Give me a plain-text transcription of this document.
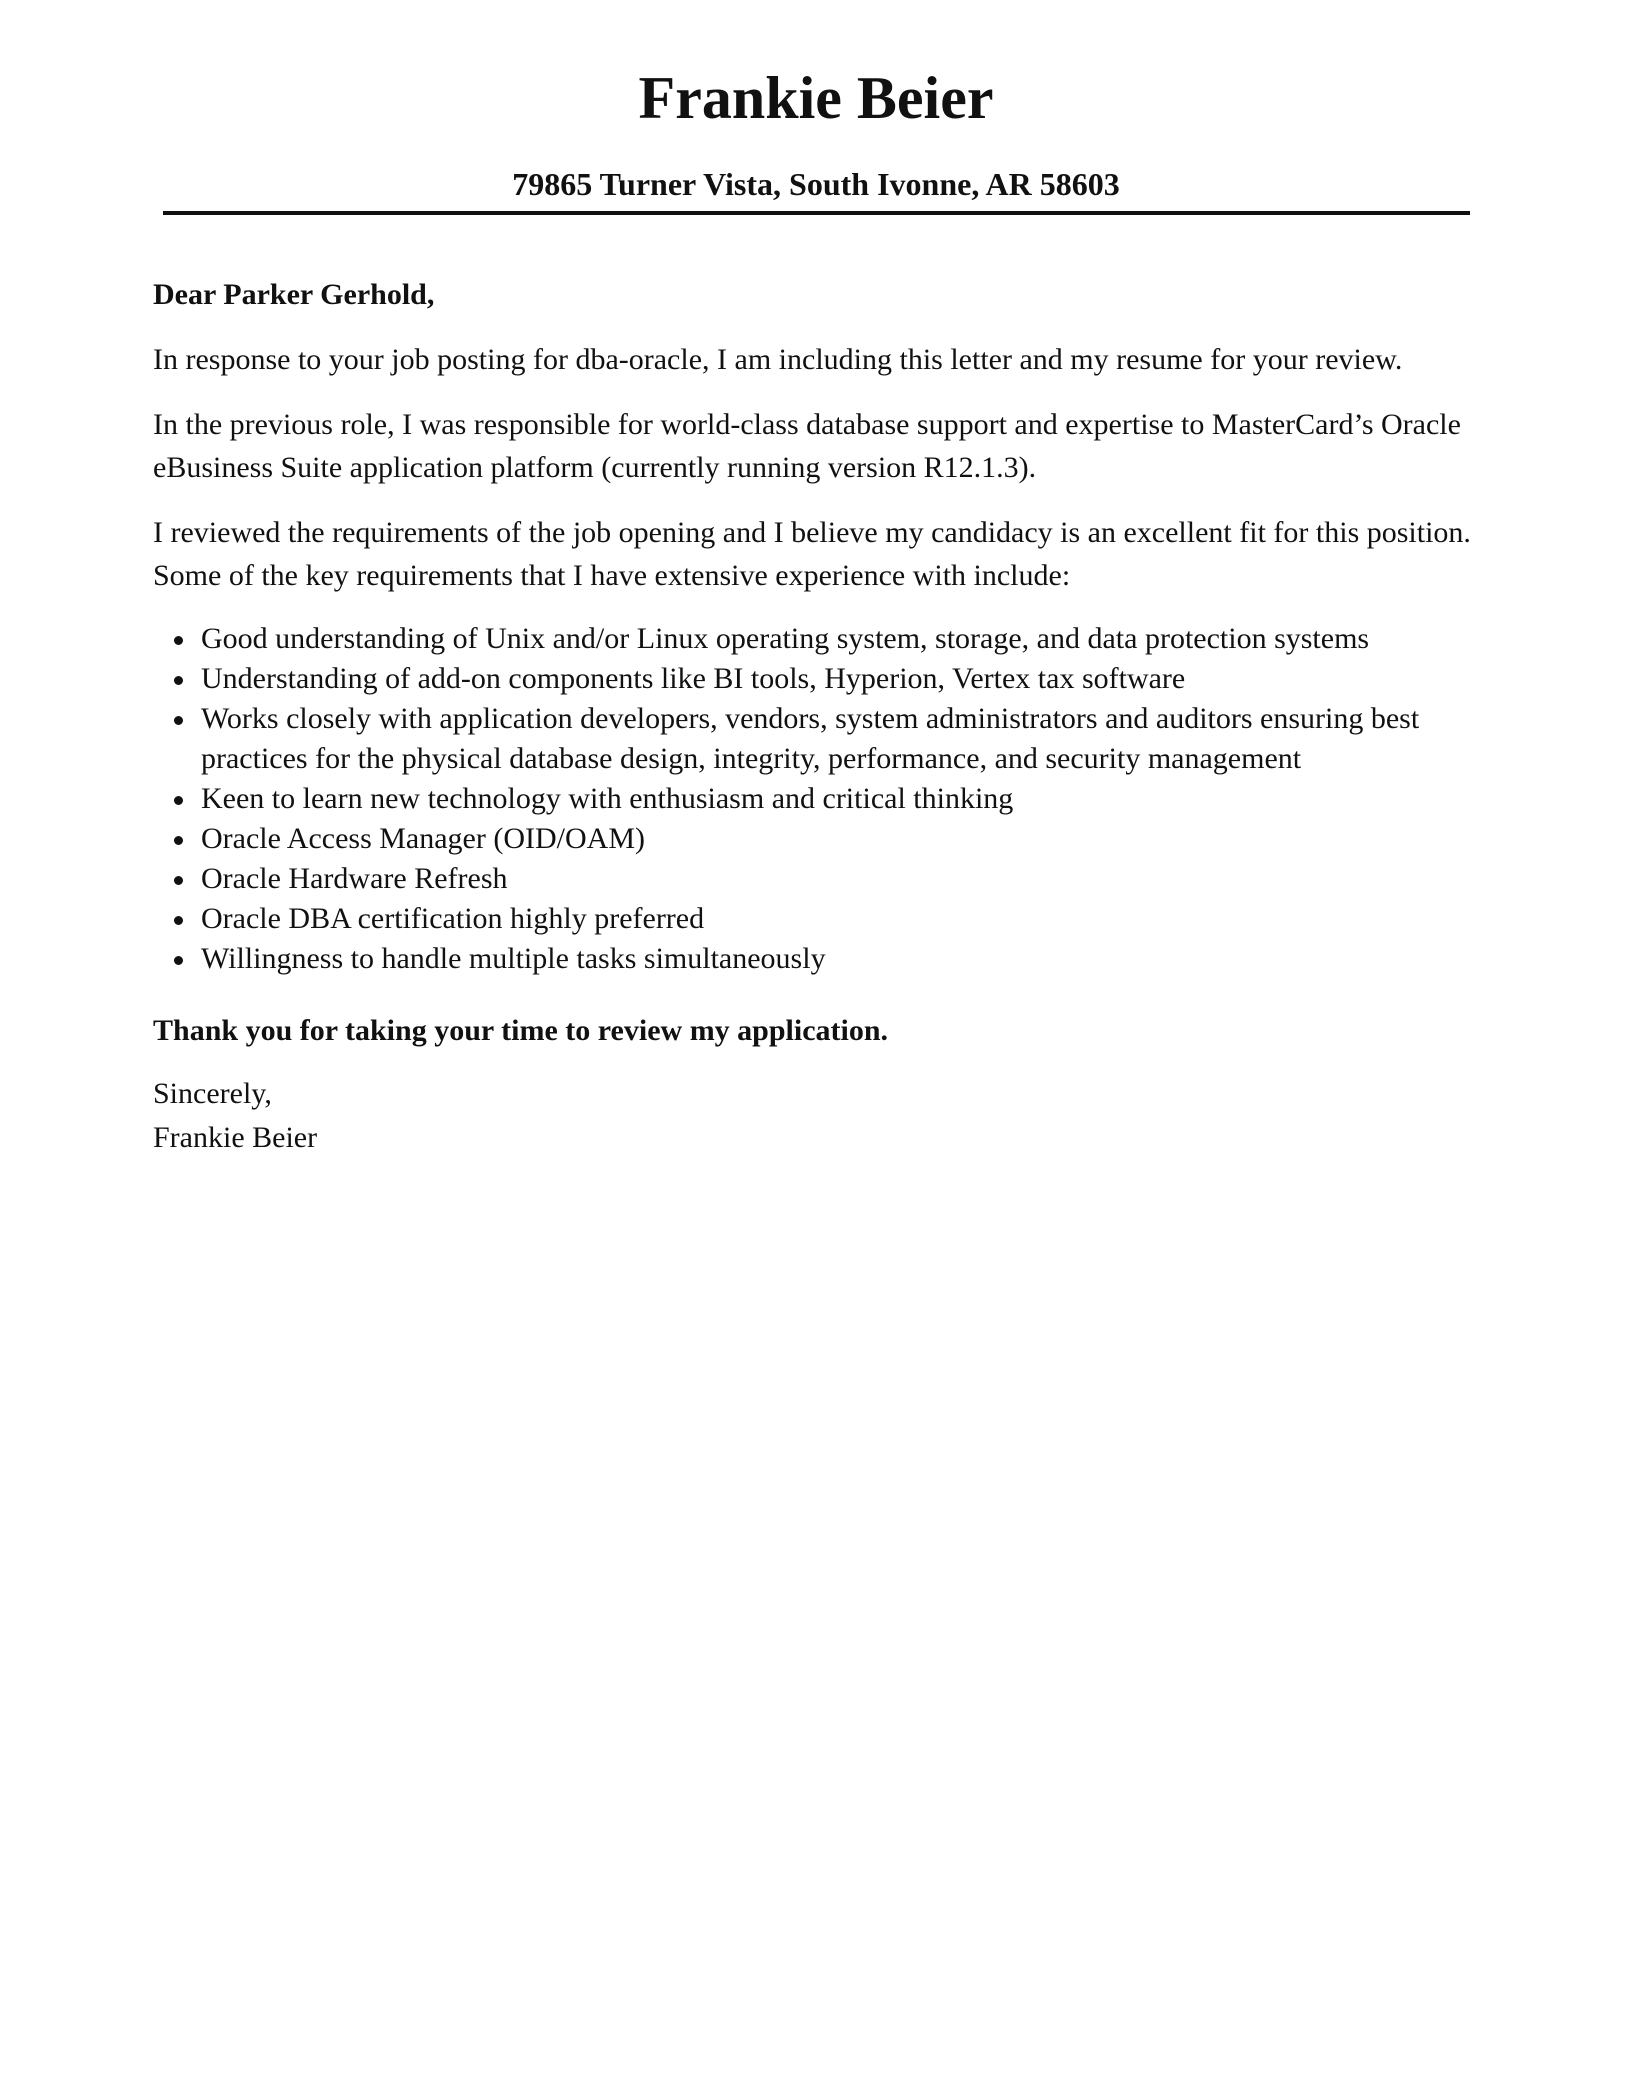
Frankie Beier

79865 Turner Vista, South Ivonne, AR 58603

Dear Parker Gerhold,

In response to your job posting for dba-oracle, I am including this letter and my resume for your review.

In the previous role, I was responsible for world-class database support and expertise to MasterCard’s Oracle eBusiness Suite application platform (currently running version R12.1.3).

I reviewed the requirements of the job opening and I believe my candidacy is an excellent fit for this position. Some of the key requirements that I have extensive experience with include:

Good understanding of Unix and/or Linux operating system, storage, and data protection systems
Understanding of add-on components like BI tools, Hyperion, Vertex tax software
Works closely with application developers, vendors, system administrators and auditors ensuring best practices for the physical database design, integrity, performance, and security management
Keen to learn new technology with enthusiasm and critical thinking
Oracle Access Manager (OID/OAM)
Oracle Hardware Refresh
Oracle DBA certification highly preferred
Willingness to handle multiple tasks simultaneously

Thank you for taking your time to review my application.

Sincerely,
Frankie Beier
